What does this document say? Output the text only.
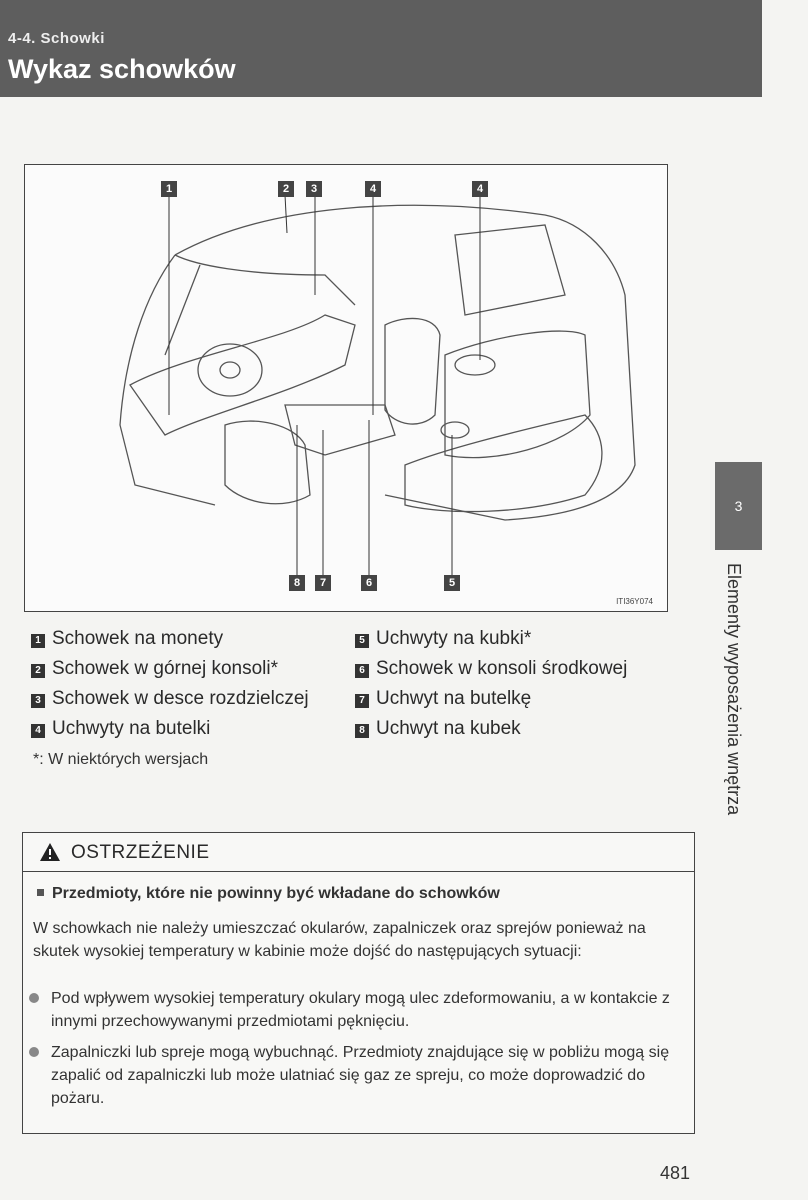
4-4. Schowki
Wykaz schowków
3
Elementy wyposażenia wnętrza
1	2	3	4	4
8	7	6	5
ITI36Y074
1 Schowek na monety
2 Schowek w górnej konsoli*
3 Schowek w desce rozdzielczej
4 Uchwyty na butelki
5 Uchwyty na kubki*
6 Schowek w konsoli środkowej
7 Uchwyt na butelkę
8 Uchwyt na kubek
*: W niektórych wersjach
OSTRZEŻENIE
Przedmioty, które nie powinny być wkładane do schowków
W schowkach nie należy umieszczać okularów, zapalniczek oraz sprejów ponieważ na skutek wysokiej temperatury w kabinie może dojść do następujących sytuacji:
Pod wpływem wysokiej temperatury okulary mogą ulec zdeformowaniu, a w kontakcie z innymi przechowywanymi przedmiotami pęknięciu.
Zapalniczki lub spreje mogą wybuchnąć. Przedmioty znajdujące się w pobliżu mogą się zapalić od zapalniczki lub może ulatniać się gaz ze spreju, co może doprowadzić do pożaru.
481
